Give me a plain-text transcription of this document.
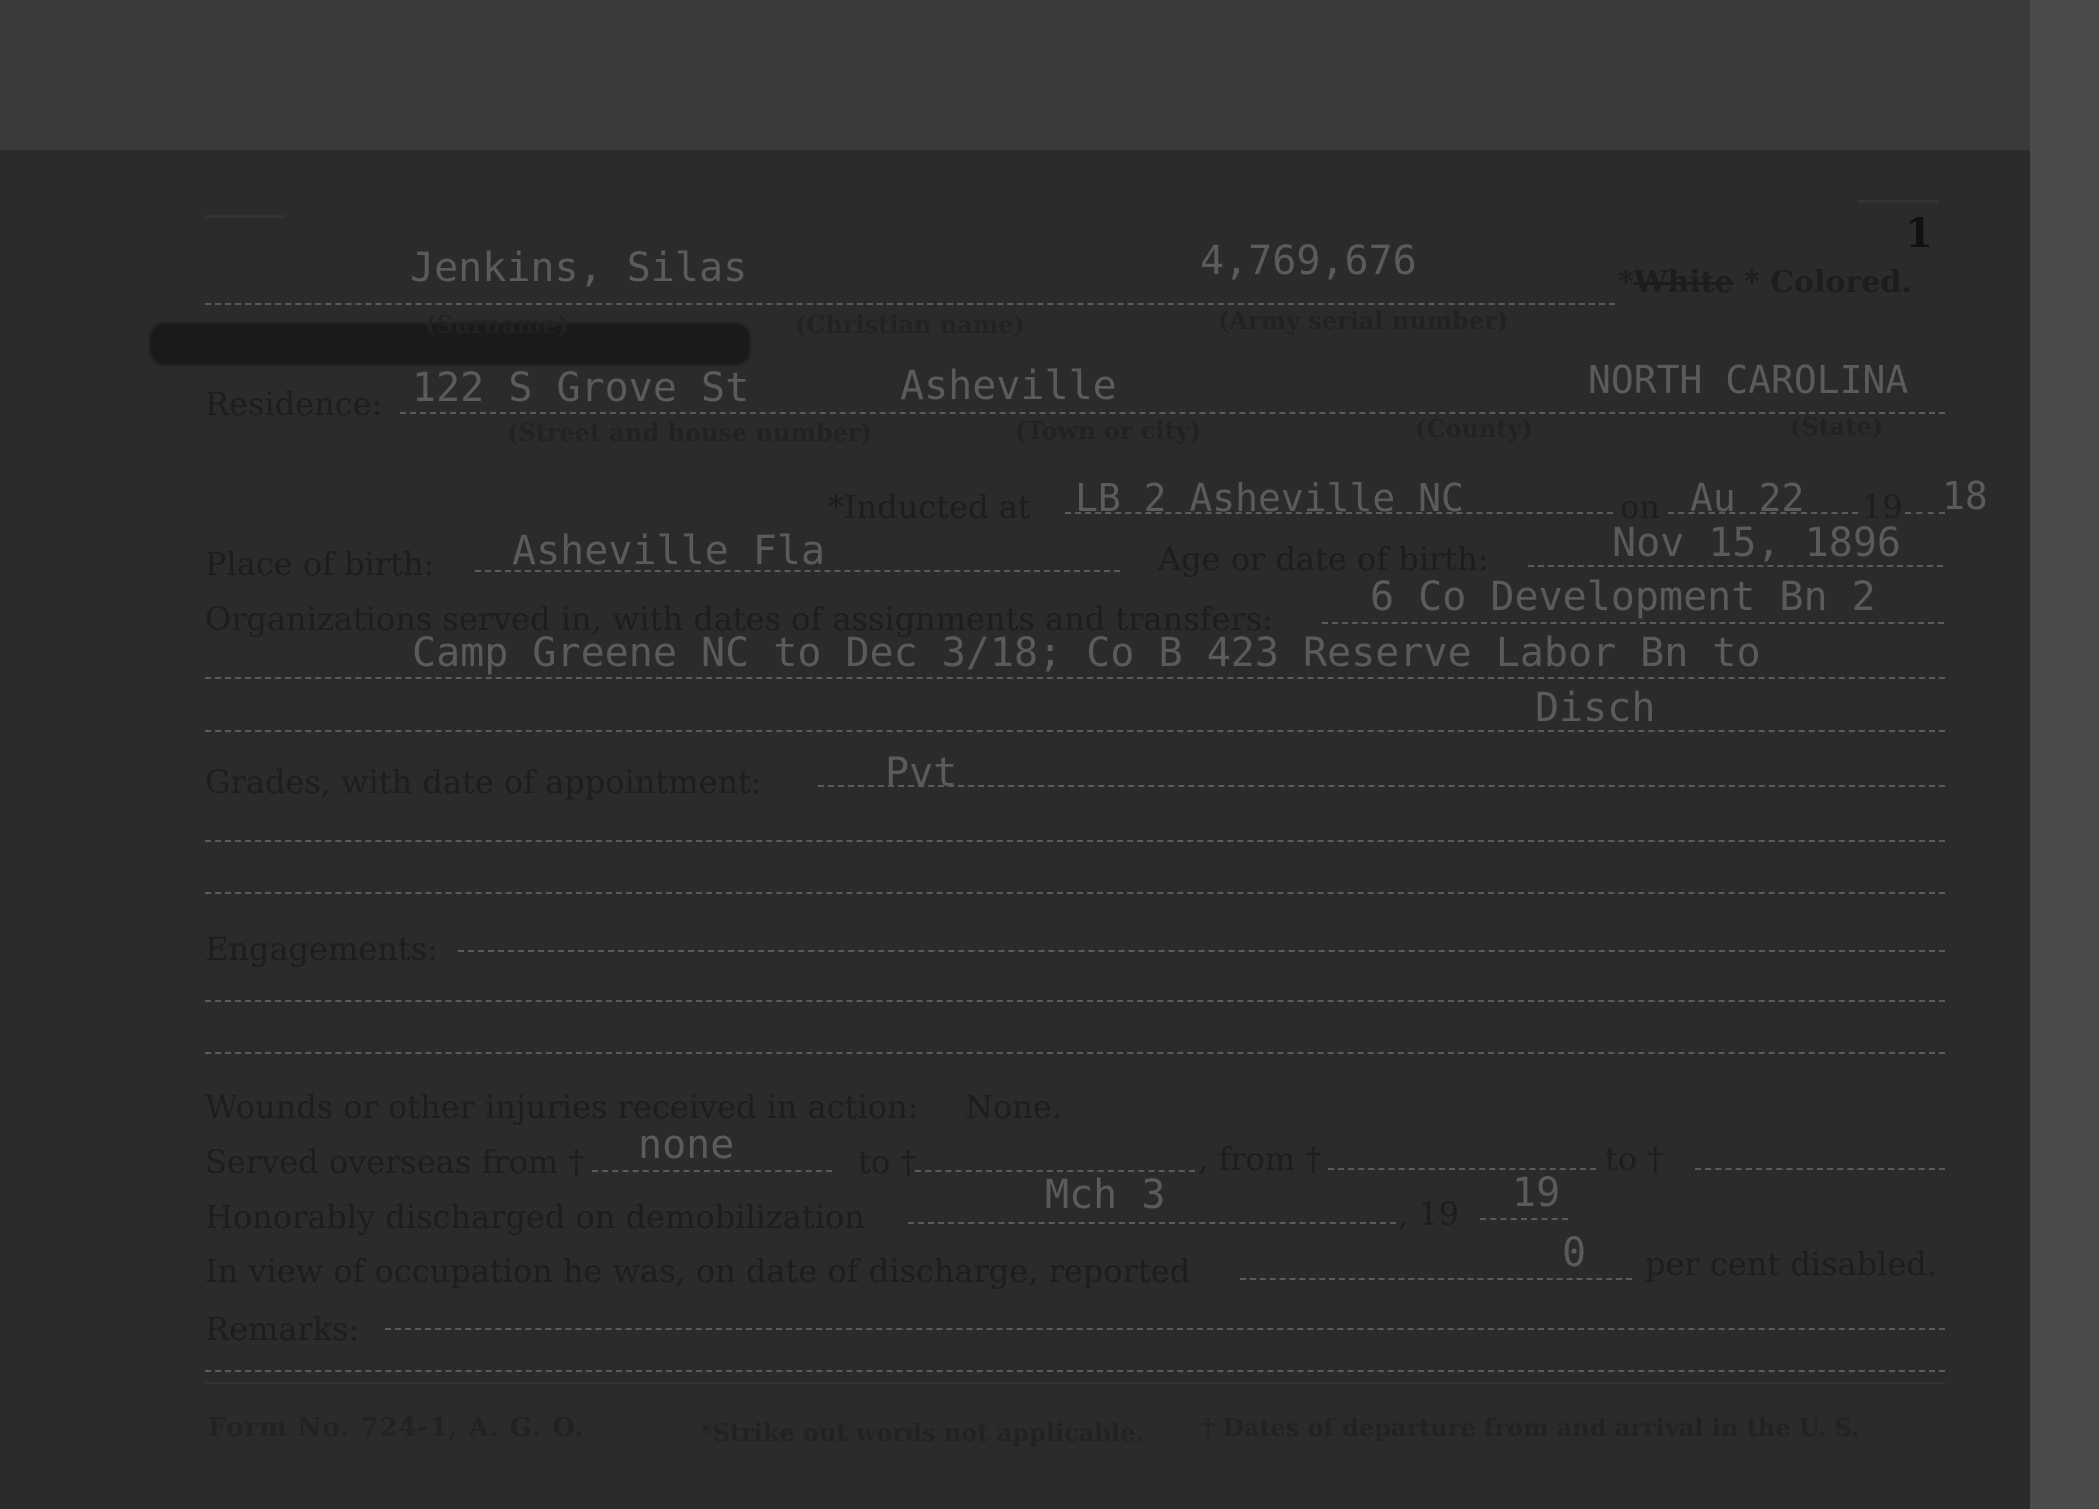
1
Jenkins, Silas	4,769,676	*White * Colored.
(Surname)	(Christian name)	(Army serial number)
Residence: 122 S Grove St	Asheville	NORTH CAROLINA
(Street and house number)	(Town or city)	(County)	(State)
*Inducted at LB 2 Asheville NC	on Au 22 19 18
Place of birth: Asheville Fla	Age or date of birth:	Nov 15, 1896
Organizations served in, with dates of assignments and transfers: 6 Co Development Bn 2
Camp Greene NC to Dec 3/18; Co B 423 Reserve Labor Bn to
Disch
Grades, with date of appointment:	Pvt
Engagements:
Wounds or other injuries received in action: None.
Served overseas from † none	to †	, from †	to †
Honorably discharged on demobilization	Mch 3	, 19 19
In view of occupation he was, on date of discharge, reported	0 per cent disabled.
Remarks:
Form No. 724-1, A. G. O.	*Strike out words not applicable. † Dates of departure from and arrival in the U. S.
